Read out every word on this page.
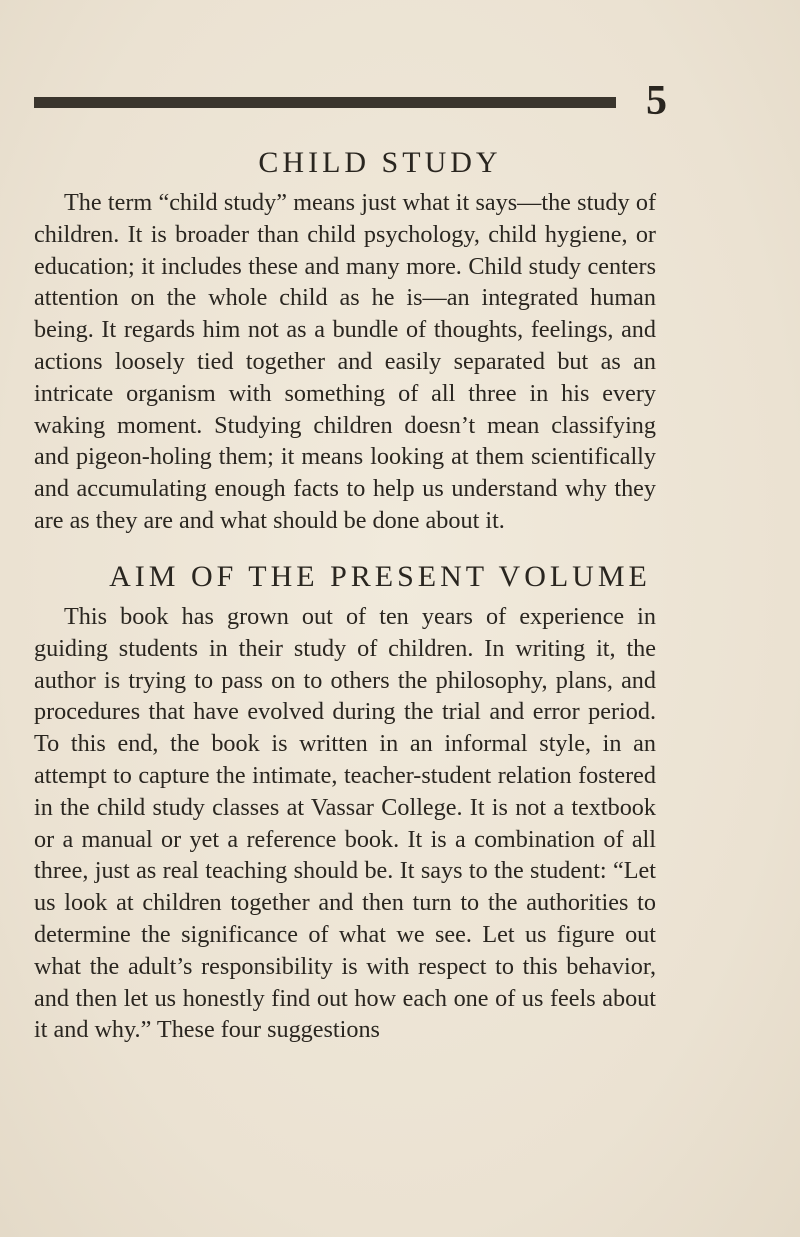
5
CHILD STUDY

The term “child study” means just what it says—the study of children. It is broader than child psychology, child hygiene, or education; it includes these and many more. Child study centers attention on the whole child as he is—an integrated human being. It regards him not as a bundle of thoughts, feelings, and actions loosely tied together and easily separated but as an intricate organism with something of all three in his every waking moment. Studying children doesn’t mean classifying and pigeon-holing them; it means looking at them scientifically and accumulating enough facts to help us understand why they are as they are and what should be done about it.

AIM OF THE PRESENT VOLUME

This book has grown out of ten years of experience in guiding students in their study of children. In writing it, the author is trying to pass on to others the philosophy, plans, and procedures that have evolved during the trial and error period. To this end, the book is written in an informal style, in an attempt to capture the intimate, teacher-student relation fostered in the child study classes at Vassar College. It is not a textbook or a manual or yet a reference book. It is a combination of all three, just as real teaching should be. It says to the student: “Let us look at children together and then turn to the authorities to determine the significance of what we see. Let us figure out what the adult’s responsibility is with respect to this behavior, and then let us honestly find out how each one of us feels about it and why.” These four suggestions
